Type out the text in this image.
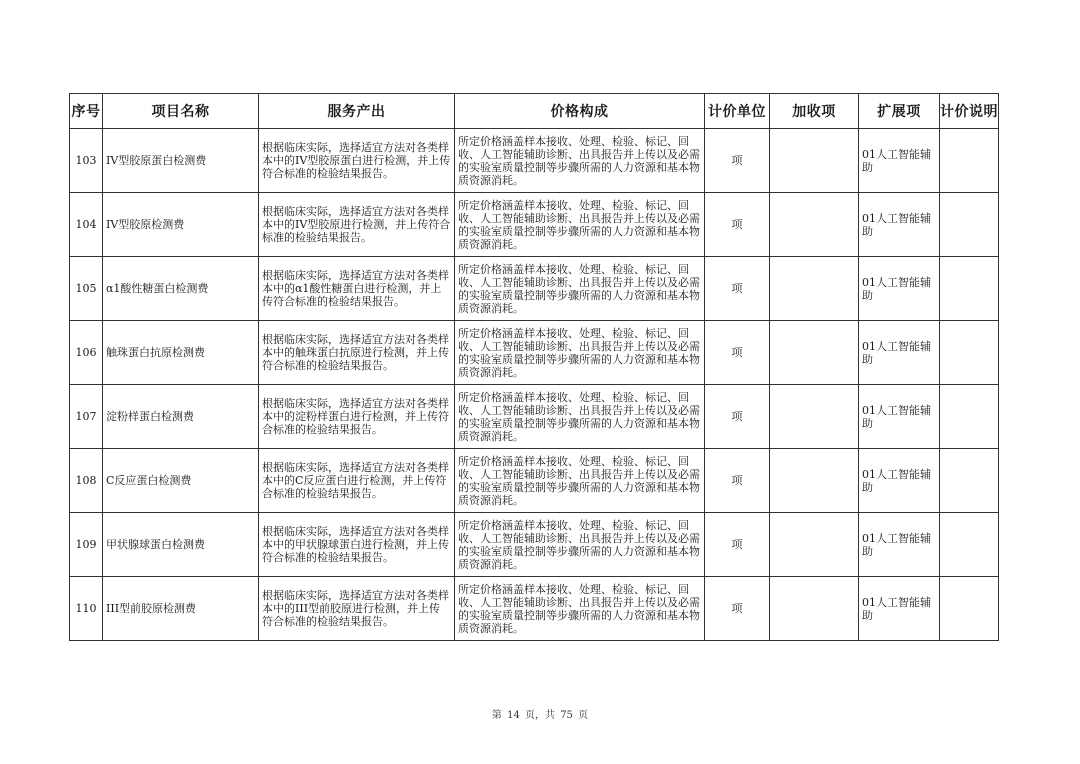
序号	项目名称	服务产出	价格构成	计价单位	加收项	扩展项	计价说明
103	IV型胶原蛋白检测费	根据临床实际，选择适宜方法对各类样本中的IV型胶原蛋白进行检测，并上传符合标准的检验结果报告。	所定价格涵盖样本接收、处理、检验、标记、回收、人工智能辅助诊断、出具报告并上传以及必需的实验室质量控制等步骤所需的人力资源和基本物质资源消耗。	项		01人工智能辅助	
104	IV型胶原检测费	根据临床实际，选择适宜方法对各类样本中的IV型胶原进行检测，并上传符合标准的检验结果报告。	所定价格涵盖样本接收、处理、检验、标记、回收、人工智能辅助诊断、出具报告并上传以及必需的实验室质量控制等步骤所需的人力资源和基本物质资源消耗。	项		01人工智能辅助	
105	α1酸性糖蛋白检测费	根据临床实际，选择适宜方法对各类样本中的α1酸性糖蛋白进行检测，并上传符合标准的检验结果报告。	所定价格涵盖样本接收、处理、检验、标记、回收、人工智能辅助诊断、出具报告并上传以及必需的实验室质量控制等步骤所需的人力资源和基本物质资源消耗。	项		01人工智能辅助	
106	触珠蛋白抗原检测费	根据临床实际，选择适宜方法对各类样本中的触珠蛋白抗原进行检测，并上传符合标准的检验结果报告。	所定价格涵盖样本接收、处理、检验、标记、回收、人工智能辅助诊断、出具报告并上传以及必需的实验室质量控制等步骤所需的人力资源和基本物质资源消耗。	项		01人工智能辅助	
107	淀粉样蛋白检测费	根据临床实际，选择适宜方法对各类样本中的淀粉样蛋白进行检测，并上传符合标准的检验结果报告。	所定价格涵盖样本接收、处理、检验、标记、回收、人工智能辅助诊断、出具报告并上传以及必需的实验室质量控制等步骤所需的人力资源和基本物质资源消耗。	项		01人工智能辅助	
108	C反应蛋白检测费	根据临床实际，选择适宜方法对各类样本中的C反应蛋白进行检测，并上传符合标准的检验结果报告。	所定价格涵盖样本接收、处理、检验、标记、回收、人工智能辅助诊断、出具报告并上传以及必需的实验室质量控制等步骤所需的人力资源和基本物质资源消耗。	项		01人工智能辅助	
109	甲状腺球蛋白检测费	根据临床实际，选择适宜方法对各类样本中的甲状腺球蛋白进行检测，并上传符合标准的检验结果报告。	所定价格涵盖样本接收、处理、检验、标记、回收、人工智能辅助诊断、出具报告并上传以及必需的实验室质量控制等步骤所需的人力资源和基本物质资源消耗。	项		01人工智能辅助	
110	III型前胶原检测费	根据临床实际，选择适宜方法对各类样本中的III型前胶原进行检测，并上传符合标准的检验结果报告。	所定价格涵盖样本接收、处理、检验、标记、回收、人工智能辅助诊断、出具报告并上传以及必需的实验室质量控制等步骤所需的人力资源和基本物质资源消耗。	项		01人工智能辅助	
第 14 页，共 75 页
